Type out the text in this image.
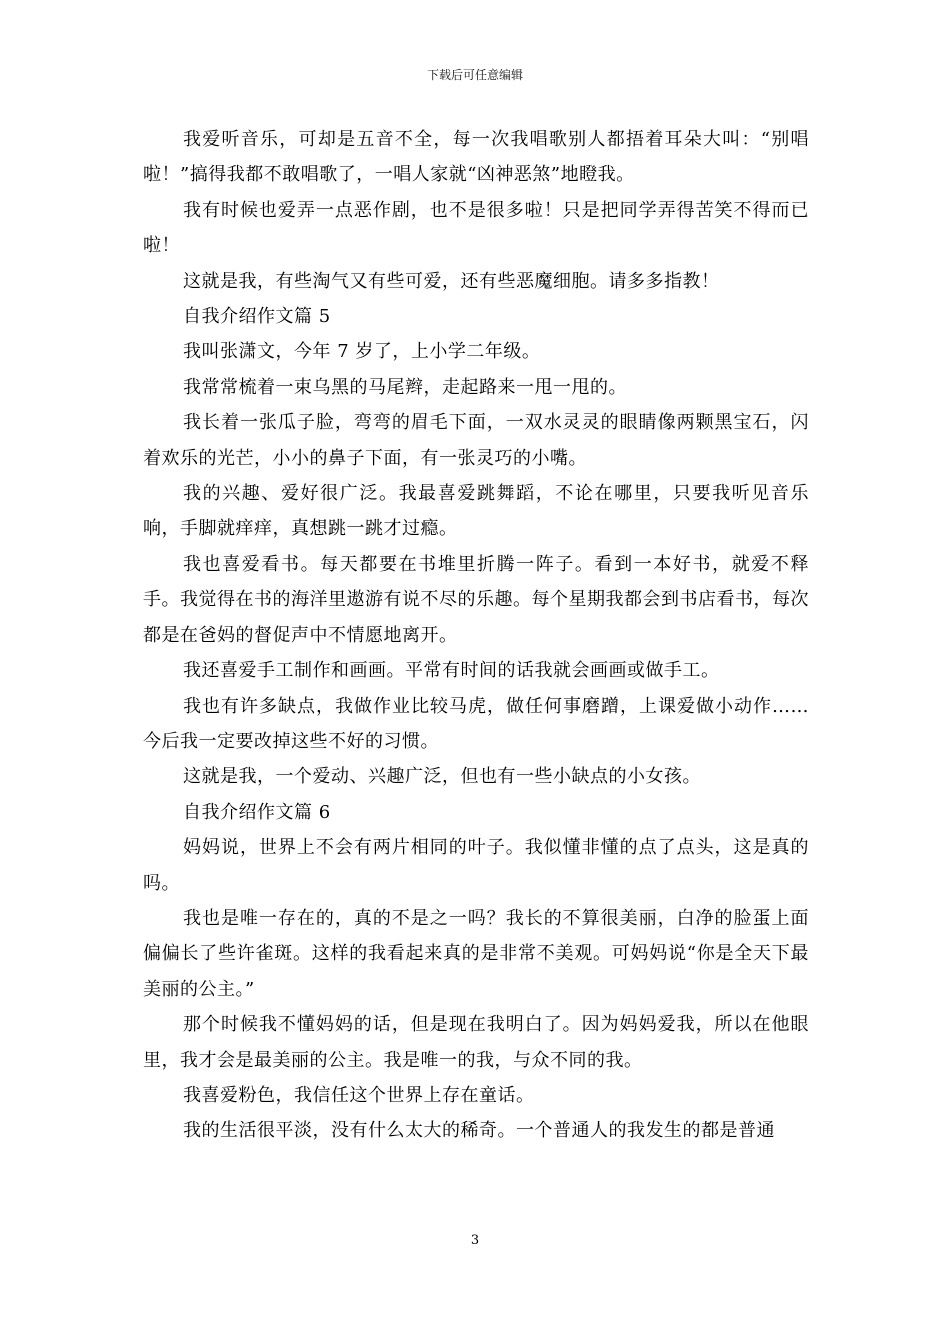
下载后可任意编辑

我爱听音乐，可却是五音不全，每一次我唱歌别人都捂着耳朵大叫：“别唱啦！”搞得我都不敢唱歌了，一唱人家就“凶神恶煞”地瞪我。

我有时候也爱弄一点恶作剧，也不是很多啦！只是把同学弄得苦笑不得而已啦！

这就是我，有些淘气又有些可爱，还有些恶魔细胞。请多多指教！

自我介绍作文篇 5

我叫张潇文，今年 7 岁了，上小学二年级。

我常常梳着一束乌黑的马尾辫，走起路来一甩一甩的。

我长着一张瓜子脸，弯弯的眉毛下面，一双水灵灵的眼睛像两颗黑宝石，闪着欢乐的光芒，小小的鼻子下面，有一张灵巧的小嘴。

我的兴趣、爱好很广泛。我最喜爱跳舞蹈，不论在哪里，只要我听见音乐响，手脚就痒痒，真想跳一跳才过瘾。

我也喜爱看书。每天都要在书堆里折腾一阵子。看到一本好书，就爱不释手。我觉得在书的海洋里遨游有说不尽的乐趣。每个星期我都会到书店看书，每次都是在爸妈的督促声中不情愿地离开。

我还喜爱手工制作和画画。平常有时间的话我就会画画或做手工。

我也有许多缺点，我做作业比较马虎，做任何事磨蹭，上课爱做小动作……今后我一定要改掉这些不好的习惯。

这就是我，一个爱动、兴趣广泛，但也有一些小缺点的小女孩。

自我介绍作文篇 6

妈妈说，世界上不会有两片相同的叶子。我似懂非懂的点了点头，这是真的吗。

我也是唯一存在的，真的不是之一吗？我长的不算很美丽，白净的脸蛋上面偏偏长了些许雀斑。这样的我看起来真的是非常不美观。可妈妈说“你是全天下最美丽的公主。”

那个时候我不懂妈妈的话，但是现在我明白了。因为妈妈爱我，所以在他眼里，我才会是最美丽的公主。我是唯一的我，与众不同的我。

我喜爱粉色，我信任这个世界上存在童话。

我的生活很平淡，没有什么太大的稀奇。一个普通人的我发生的都是普通

3
